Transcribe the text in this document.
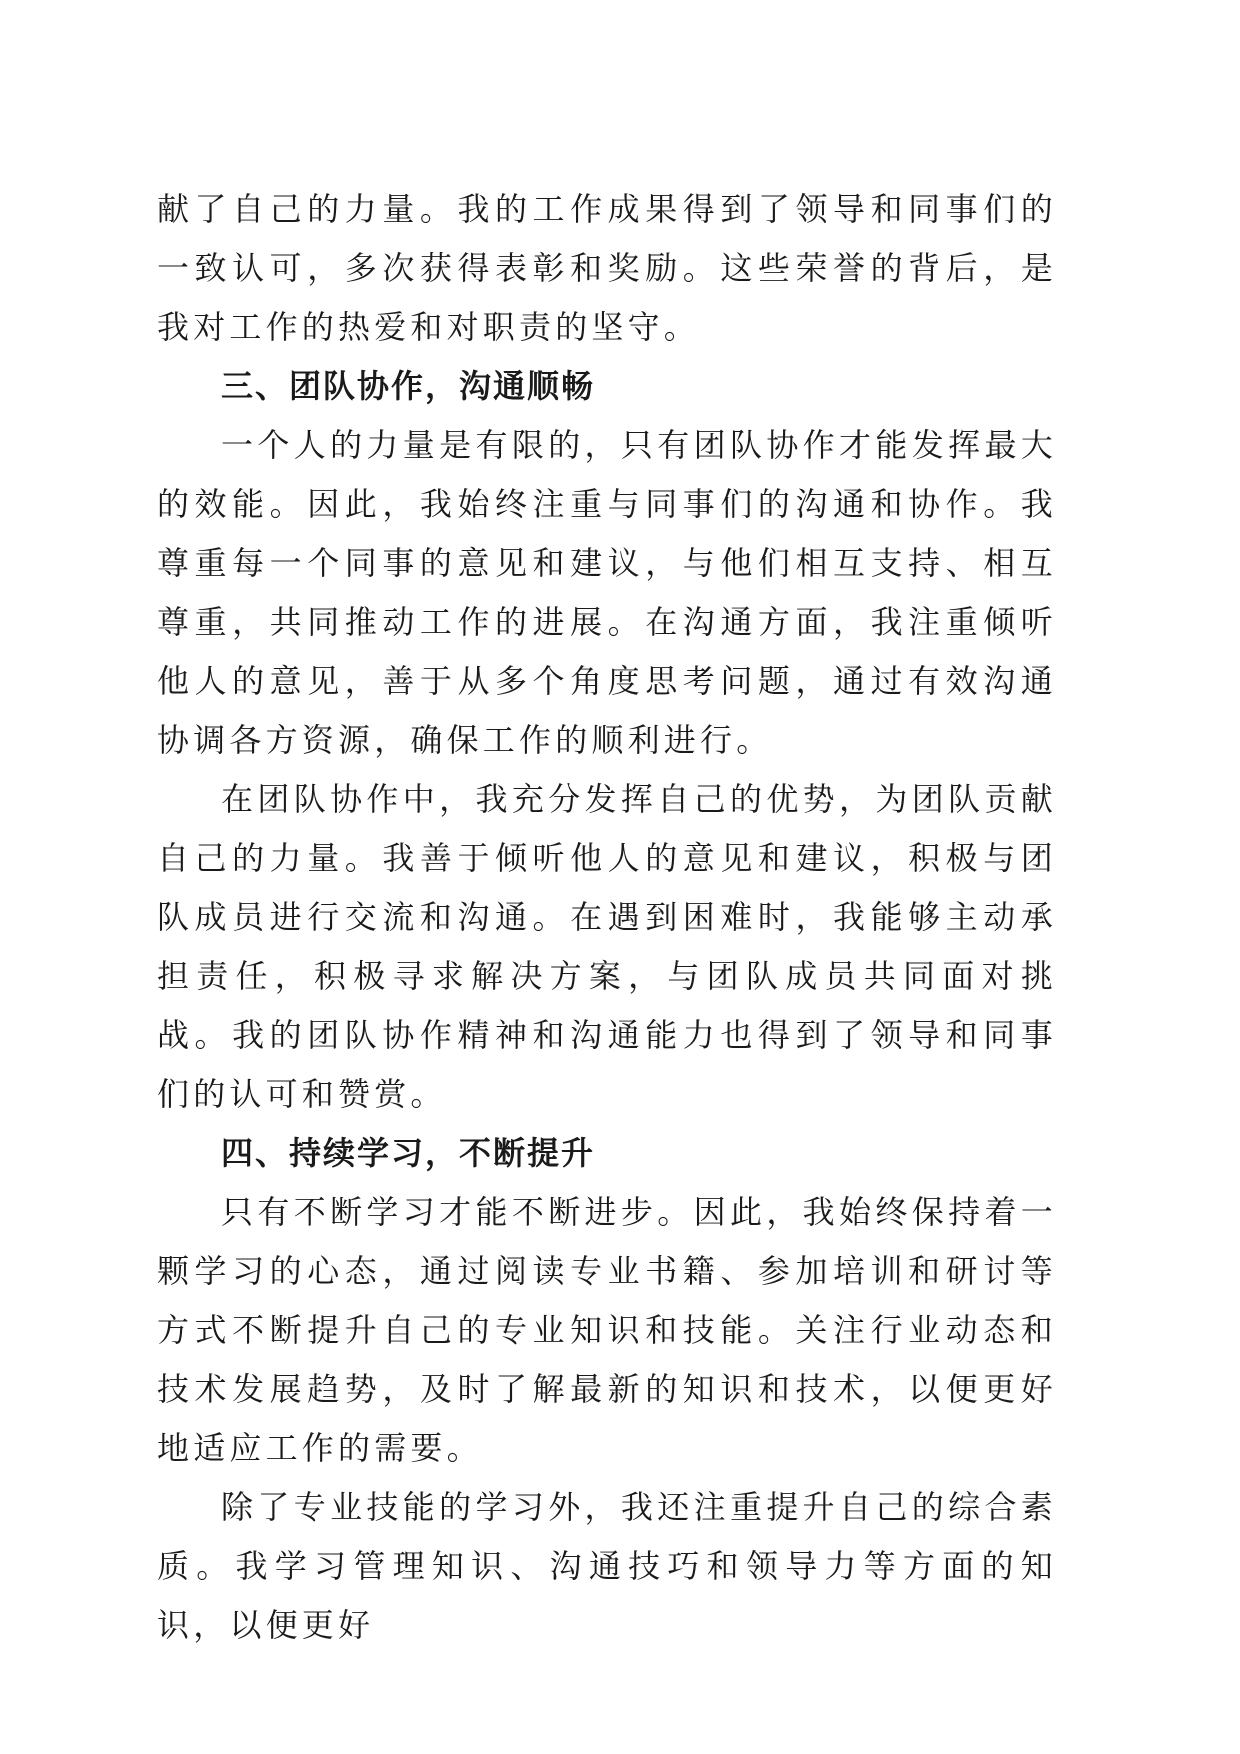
献了自己的力量。我的工作成果得到了领导和同事们的一致认可，多次获得表彰和奖励。这些荣誉的背后，是我对工作的热爱和对职责的坚守。

三、团队协作，沟通顺畅

一个人的力量是有限的，只有团队协作才能发挥最大的效能。因此，我始终注重与同事们的沟通和协作。我尊重每一个同事的意见和建议，与他们相互支持、相互尊重，共同推动工作的进展。在沟通方面，我注重倾听他人的意见，善于从多个角度思考问题，通过有效沟通协调各方资源，确保工作的顺利进行。

在团队协作中，我充分发挥自己的优势，为团队贡献自己的力量。我善于倾听他人的意见和建议，积极与团队成员进行交流和沟通。在遇到困难时，我能够主动承担责任，积极寻求解决方案，与团队成员共同面对挑战。我的团队协作精神和沟通能力也得到了领导和同事们的认可和赞赏。

四、持续学习，不断提升

只有不断学习才能不断进步。因此，我始终保持着一颗学习的心态，通过阅读专业书籍、参加培训和研讨等方式不断提升自己的专业知识和技能。关注行业动态和技术发展趋势，及时了解最新的知识和技术，以便更好地适应工作的需要。

除了专业技能的学习外，我还注重提升自己的综合素质。我学习管理知识、沟通技巧和领导力等方面的知识，以便更好
